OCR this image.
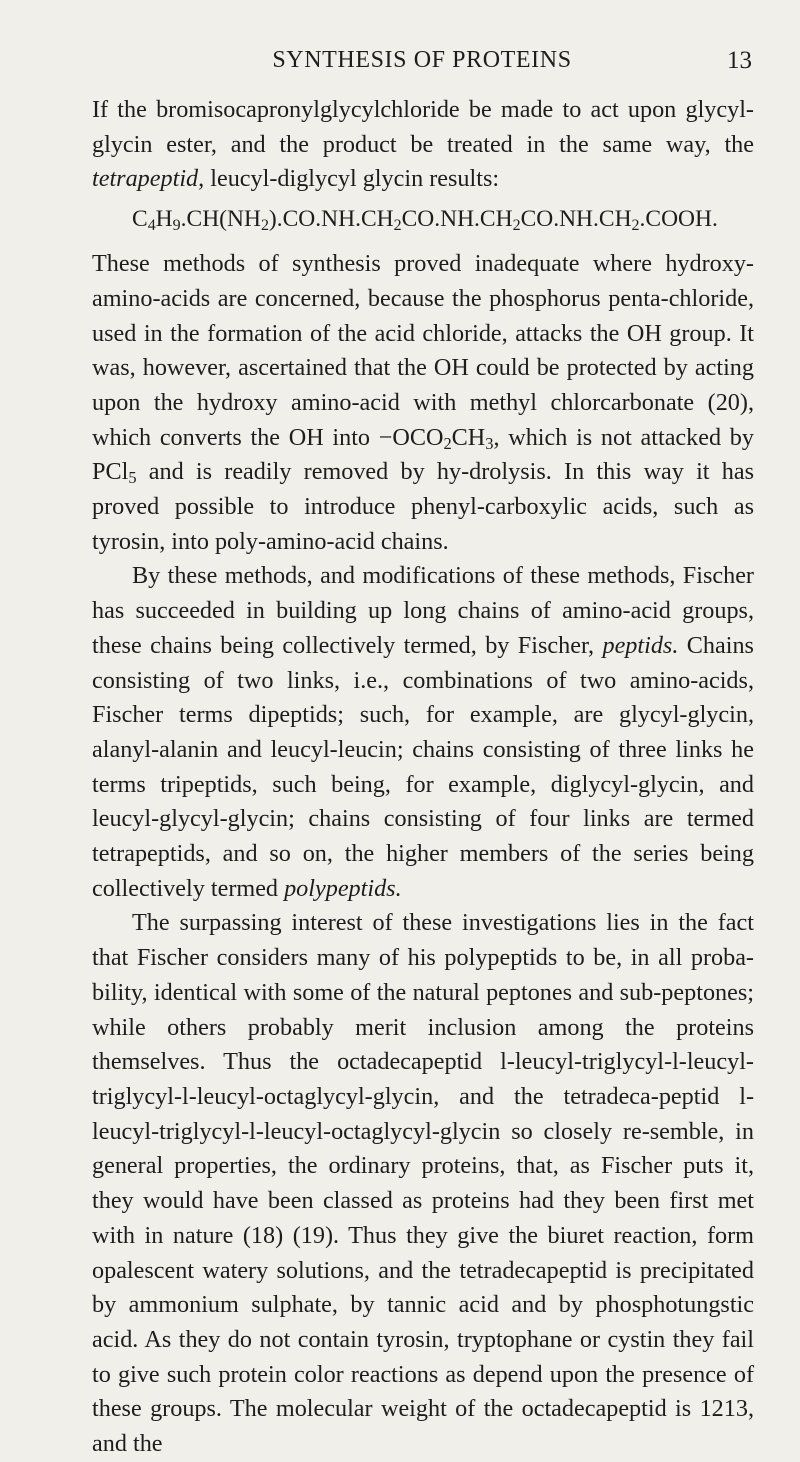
SYNTHESIS OF PROTEINS	13

If the bromisocapronylglycylchloride be made to act upon glycyl-glycin ester, and the product be treated in the same way, the tetrapeptid, leucyl-diglycyl glycin results:

$C_4H_9.CH(NH_2).CO.NH.CH_2CO.NH.CH_2CO.NH.CH_2.COOH$.

These methods of synthesis proved inadequate where hydroxy-amino-acids are concerned, because the phosphorus penta-chloride, used in the formation of the acid chloride, attacks the OH group. It was, however, ascertained that the OH could be protected by acting upon the hydroxy amino-acid with methyl chlorcarbonate (20), which converts the OH into $-OCO_2CH_3$, which is not attacked by PCl$_5$ and is readily removed by hy-drolysis. In this way it has proved possible to introduce phenyl-carboxylic acids, such as tyrosin, into poly-amino-acid chains.

By these methods, and modifications of these methods, Fischer has succeeded in building up long chains of amino-acid groups, these chains being collectively termed, by Fischer, peptids. Chains consisting of two links, i.e., combinations of two amino-acids, Fischer terms dipeptids; such, for example, are glycyl-glycin, alanyl-alanin and leucyl-leucin; chains consisting of three links he terms tripeptids, such being, for example, diglycyl-glycin, and leucyl-glycyl-glycin; chains consisting of four links are termed tetrapeptids, and so on, the higher members of the series being collectively termed polypeptids.

The surpassing interest of these investigations lies in the fact that Fischer considers many of his polypeptids to be, in all proba-bility, identical with some of the natural peptones and sub-peptones; while others probably merit inclusion among the proteins themselves. Thus the octadecapeptid l-leucyl-triglycyl-l-leucyl-triglycyl-l-leucyl-octaglycyl-glycin, and the tetradeca-peptid l-leucyl-triglycyl-l-leucyl-octaglycyl-glycin so closely re-semble, in general properties, the ordinary proteins, that, as Fischer puts it, they would have been classed as proteins had they been first met with in nature (18) (19). Thus they give the biuret reaction, form opalescent watery solutions, and the tetradecapeptid is precipitated by ammonium sulphate, by tannic acid and by phosphotungstic acid. As they do not contain tyrosin, tryptophane or cystin they fail to give such protein color reactions as depend upon the presence of these groups. The molecular weight of the octadecapeptid is 1213, and the
